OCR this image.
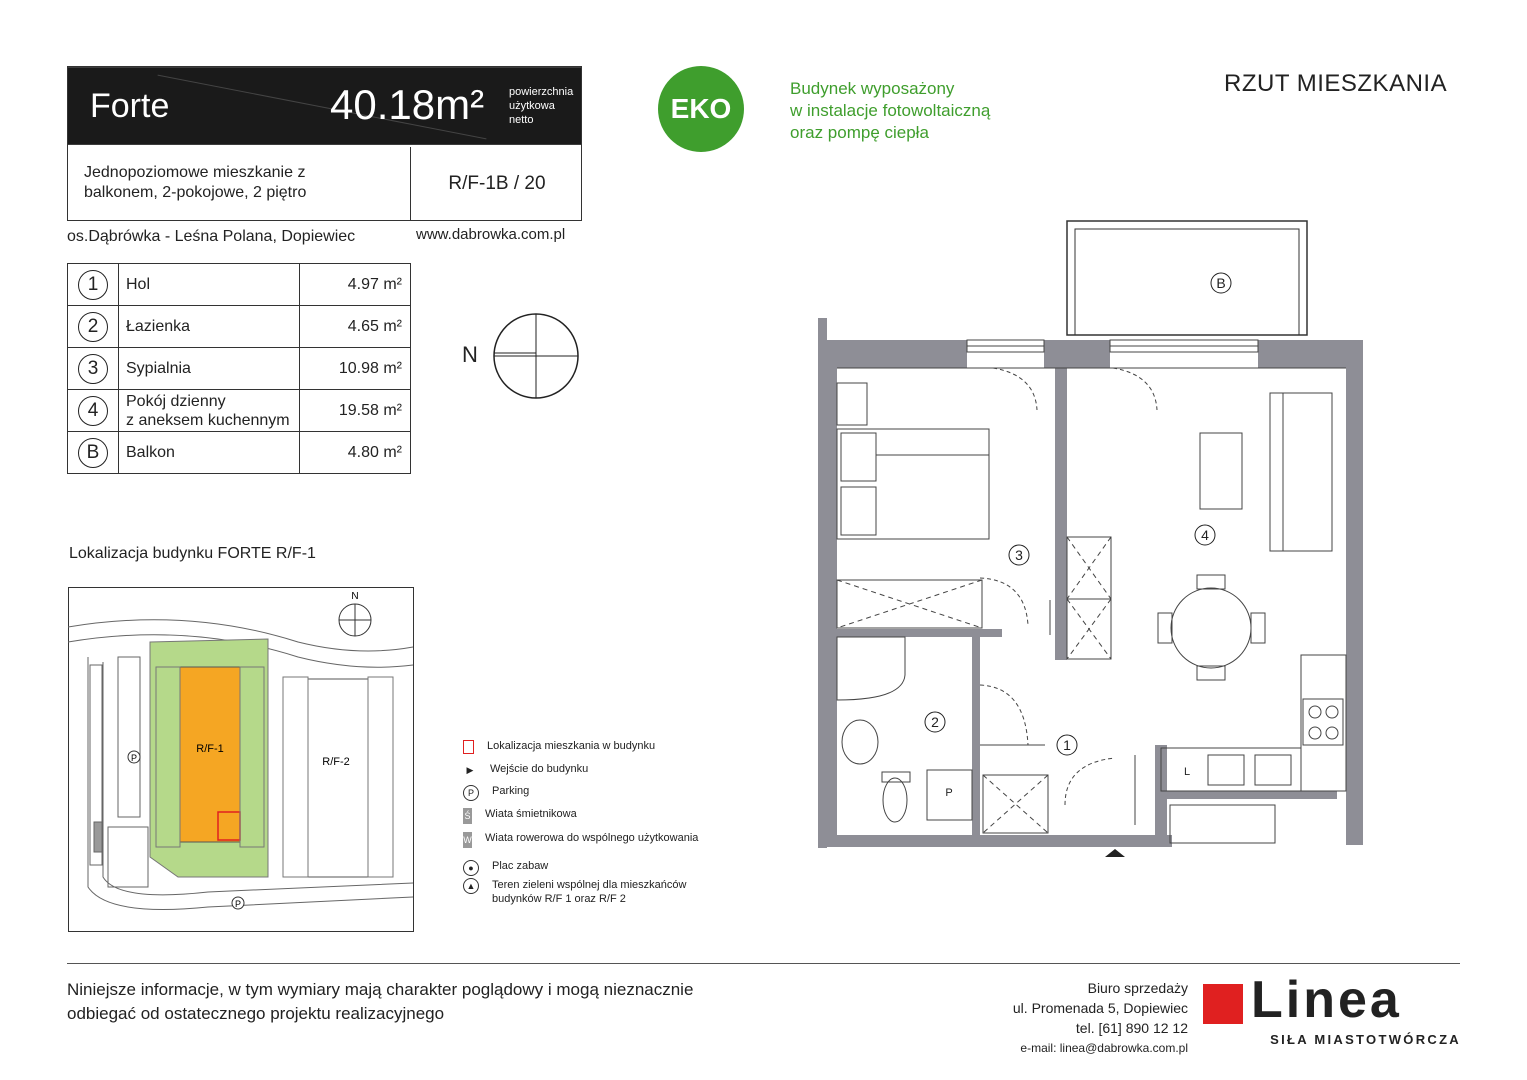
Forte	40.18m² powierzchnia
użytkowa
netto
Jednopoziomowe mieszkanie z
balkonem, 2-pokojowe, 2 piętro	R/F-1B / 20
os.Dąbrówka - Leśna Polana, Dopiewiec	www.dabrowka.com.pl
1	Hol	4.97 m²
2	Łazienka	4.65 m²
3	Sypialnia	10.98 m²
4	Pokój dzienny
z aneksem kuchennym	19.58 m²
B	Balkon	4.80 m²
EKO
Budynek wyposażony
w instalacje fotowoltaiczną
oraz pompę ciepła
RZUT MIESZKANIA
N
3
4
2
1
B
L
P
Lokalizacja budynku FORTE R/F-1
R/F-1
R/F-2
N
P
P
Lokalizacja mieszkania w budynku
▶	Wejście do budynku
P	Parking
Ś Wiata śmietnikowa
W Wiata rowerowa do wspólnego użytkowania
●	Plac zabaw
▲	Teren zieleni wspólnej dla mieszkańców
budynków R/F 1 oraz R/F 2
Niniejsze informacje, w tym wymiary mają charakter poglądowy i mogą nieznacznie
odbiegać od ostatecznego projektu realizacyjnego
Biuro sprzedaży
ul. Promenada 5, Dopiewiec
tel. [61] 890 12 12
e-mail: linea@dabrowka.com.pl
Linea
SIŁA MIASTOTWÓRCZA
